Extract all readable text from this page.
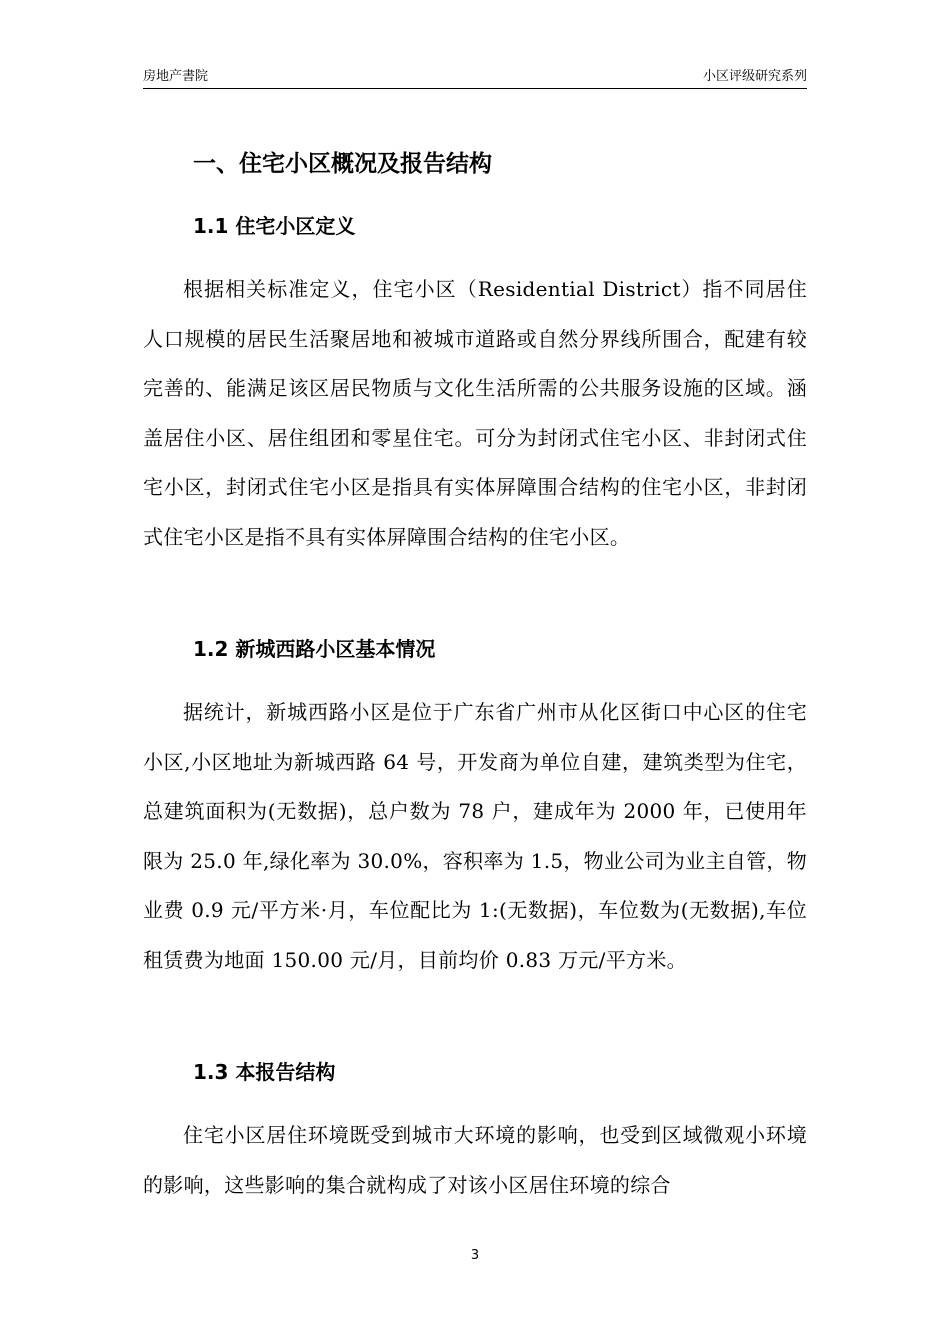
房地产書院	小区评级研究系列
一、住宅小区概况及报告结构
1.1 住宅小区定义

根据相关标准定义，住宅小区（Residential District）指不同居住人口规模的居民生活聚居地和被城市道路或自然分界线所围合，配建有较完善的、能满足该区居民物质与文化生活所需的公共服务设施的区域。涵盖居住小区、居住组团和零星住宅。可分为封闭式住宅小区、非封闭式住宅小区，封闭式住宅小区是指具有实体屏障围合结构的住宅小区，非封闭式住宅小区是指不具有实体屏障围合结构的住宅小区。

1.2 新城西路小区基本情况

据统计，新城西路小区是位于广东省广州市从化区街口中心区的住宅小区,小区地址为新城西路 64 号，开发商为单位自建，建筑类型为住宅，总建筑面积为(无数据)，总户数为 78 户，建成年为 2000 年，已使用年限为 25.0 年,绿化率为 30.0%，容积率为 1.5，物业公司为业主自管，物业费 0.9 元/平方米·月，车位配比为 1:(无数据)，车位数为(无数据),车位租赁费为地面 150.00 元/月，目前均价 0.83 万元/平方米。

1.3 本报告结构

住宅小区居住环境既受到城市大环境的影响，也受到区域微观小环境的影响，这些影响的集合就构成了对该小区居住环境的综合

3
